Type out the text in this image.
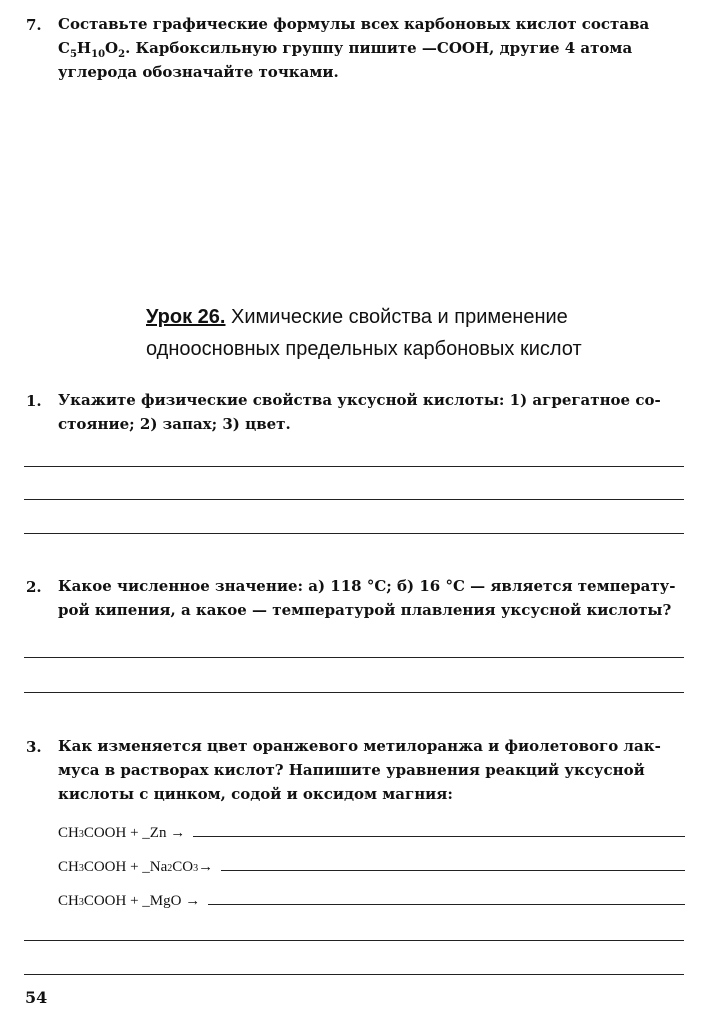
7. Составьте графические формулы всех карбоновых кислот состава
$C_5H_{10}O_2$. Карбоксильную группу пишите —COOH, другие 4 атома
углерода обозначайте точками.
Урок 26. Химические свойства и применение
одноосновных предельных карбоновых кислот
1. Укажите физические свойства уксусной кислоты: 1) агрегатное со-
стояние; 2) запах; 3) цвет.
2. Какое численное значение: а) 118 °С; б) 16 °С — является температу-
рой кипения, а какое — температурой плавления уксусной кислоты?
3. Как изменяется цвет оранжевого метилоранжа и фиолетового лак-
муса в растворах кислот? Напишите уравнения реакций уксусной
кислоты с цинком, содой и оксидом магния:
CH 3 COOH + _Zn →
CH 3 COOH + _Na 2 CO 3 →
CH 3 COOH + _MgO →
54
